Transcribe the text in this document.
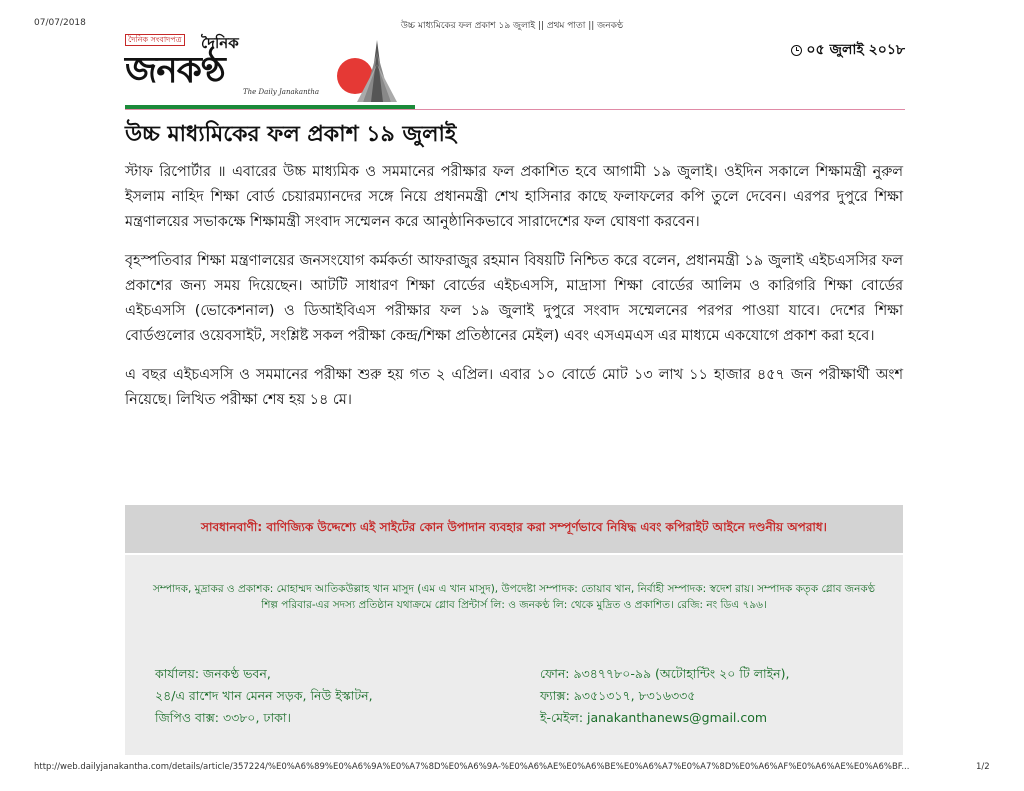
07/07/2018	উচ্চ মাধ্যমিকের ফল প্রকাশ ১৯ জুলাই || প্রথম পাতা || জনকণ্ঠ
দৈনিক সংবাদপত্র দৈনিক
জনকণ্ঠ
The Daily Janakantha
০৫ জুলাই ২০১৮
উচ্চ মাধ্যমিকের ফল প্রকাশ ১৯ জুলাই

স্টাফ রিপোর্টার ॥ এবারের উচ্চ মাধ্যমিক ও সমমানের পরীক্ষার ফল প্রকাশিত হবে আগামী ১৯ জুলাই। ওইদিন সকালে শিক্ষামন্ত্রী নুরুল ইসলাম নাহিদ শিক্ষা বোর্ড চেয়ারম্যানদের সঙ্গে নিয়ে প্রধানমন্ত্রী শেখ হাসিনার কাছে ফলাফলের কপি তুলে দেবেন। এরপর দুপুরে শিক্ষা মন্ত্রণালয়ের সভাকক্ষে শিক্ষামন্ত্রী সংবাদ সম্মেলন করে আনুষ্ঠানিকভাবে সারাদেশের ফল ঘোষণা করবেন।

বৃহস্পতিবার শিক্ষা মন্ত্রণালয়ের জনসংযোগ কর্মকর্তা আফরাজুর রহমান বিষয়টি নিশ্চিত করে বলেন, প্রধানমন্ত্রী ১৯ জুলাই এইচএসসির ফল প্রকাশের জন্য সময় দিয়েছেন। আটটি সাধারণ শিক্ষা বোর্ডের এইচএসসি, মাদ্রাসা শিক্ষা বোর্ডের আলিম ও কারিগরি শিক্ষা বোর্ডের এইচএসসি (ভোকেশনাল) ও ডিআইবিএস পরীক্ষার ফল ১৯ জুলাই দুপুরে সংবাদ সম্মেলনের পরপর পাওয়া যাবে। দেশের শিক্ষা বোর্ডগুলোর ওয়েবসাইট, সংশ্লিষ্ট সকল পরীক্ষা কেন্দ্র/শিক্ষা প্রতিষ্ঠানের মেইল) এবং এসএমএস এর মাধ্যমে একযোগে প্রকাশ করা হবে।

এ বছর এইচএসসি ও সমমানের পরীক্ষা শুরু হয় গত ২ এপ্রিল। এবার ১০ বোর্ডে মোট ১৩ লাখ ১১ হাজার ৪৫৭ জন পরীক্ষার্থী অংশ নিয়েছে। লিখিত পরীক্ষা শেষ হয় ১৪ মে।

সাবধানবাণী: বাণিজ্যিক উদ্দেশ্যে এই সাইটের কোন উপাদান ব্যবহার করা সম্পূর্ণভাবে নিষিদ্ধ এবং কপিরাইট আইনে দণ্ডনীয় অপরাধ।
সম্পাদক, মুদ্রাকর ও প্রকাশক: মোহাম্মদ আতিকউল্লাহ খান মাসুদ (এম এ খান মাসুদ), উপদেষ্টা সম্পাদক: তোয়াব খান, নির্বাহী সম্পাদক: স্বদেশ রায়। সম্পাদক কতৃক গ্লোব জনকণ্ঠ শিল্প পরিবার-এর সদস্য প্রতিষ্ঠান যথাক্রমে গ্লোব প্রিন্টার্স লি: ও জনকণ্ঠ লি: থেকে মুদ্রিত ও প্রকাশিত। রেজি: নং ডিএ ৭৯৬।
কার্যালয়: জনকণ্ঠ ভবন,
২৪/এ রাশেদ খান মেনন সড়ক, নিউ ইস্কাটন,
জিপিও বাক্স: ৩৩৮০, ঢাকা।
ফোন: ৯৩৪৭৭৮০-৯৯ (অটোহান্টিং ২০ টি লাইন),
ফ্যাক্স: ৯৩৫১৩১৭, ৮৩১৬৩৩৫
ই-মেইল: janakanthanews@gmail.com
http://web.dailyjanakantha.com/details/article/357224/%E0%A6%89%E0%A6%9A%E0%A7%8D%E0%A6%9A-%E0%A6%AE%E0%A6%BE%E0%A6%A7%E0%A7%8D%E0%A6%AF%E0%A6%AE%E0%A6%BF...	1/2
